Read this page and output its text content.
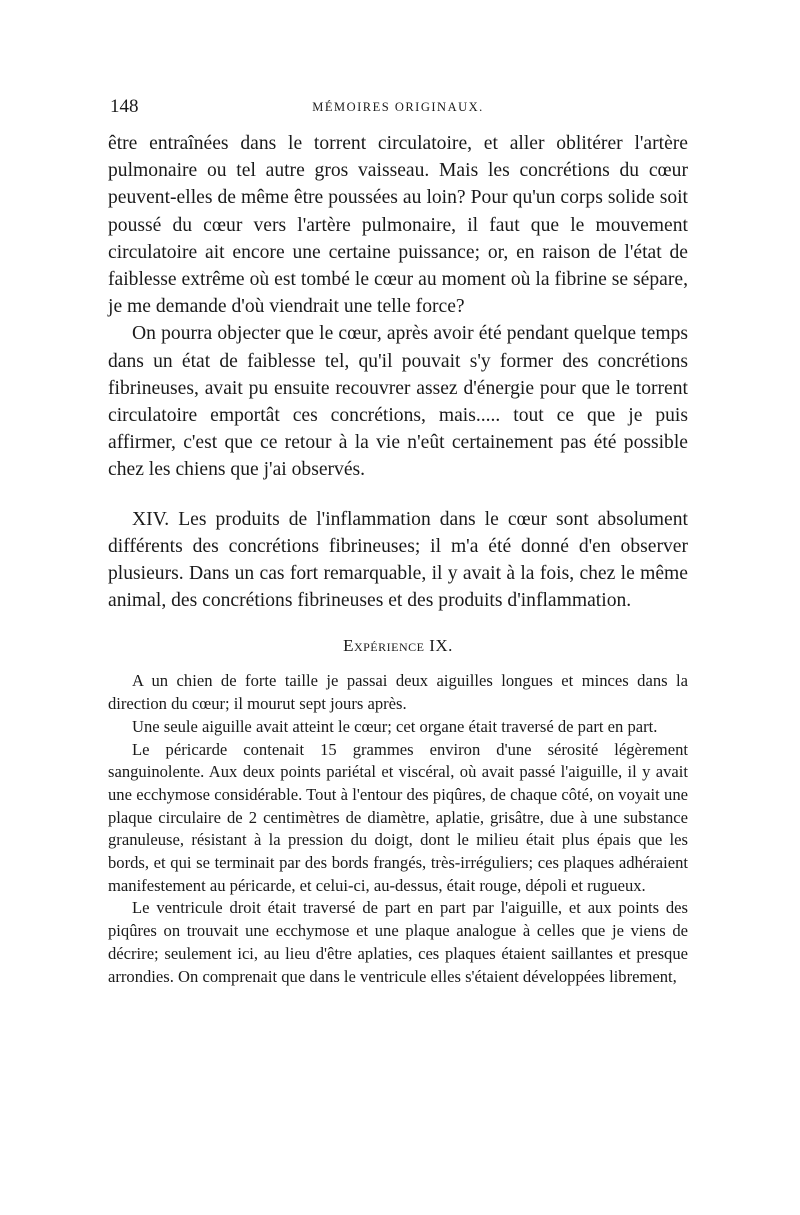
148	MÉMOIRES ORIGINAUX.

être entraînées dans le torrent circulatoire, et aller oblitérer l'artère pulmonaire ou tel autre gros vaisseau. Mais les concrétions du cœur peuvent-elles de même être poussées au loin? Pour qu'un corps solide soit poussé du cœur vers l'artère pulmonaire, il faut que le mouvement circulatoire ait encore une certaine puissance; or, en raison de l'état de faiblesse extrême où est tombé le cœur au moment où la fibrine se sépare, je me demande d'où viendrait une telle force?

On pourra objecter que le cœur, après avoir été pendant quelque temps dans un état de faiblesse tel, qu'il pouvait s'y former des concrétions fibrineuses, avait pu ensuite recouvrer assez d'énergie pour que le torrent circulatoire emportât ces concrétions, mais..... tout ce que je puis affirmer, c'est que ce retour à la vie n'eût certainement pas été possible chez les chiens que j'ai observés.

XIV. Les produits de l'inflammation dans le cœur sont absolument différents des concrétions fibrineuses; il m'a été donné d'en observer plusieurs. Dans un cas fort remarquable, il y avait à la fois, chez le même animal, des concrétions fibrineuses et des produits d'inflammation.

Expérience IX.

A un chien de forte taille je passai deux aiguilles longues et minces dans la direction du cœur; il mourut sept jours après.

Une seule aiguille avait atteint le cœur; cet organe était traversé de part en part.

Le péricarde contenait 15 grammes environ d'une sérosité légèrement sanguinolente. Aux deux points pariétal et viscéral, où avait passé l'aiguille, il y avait une ecchymose considérable. Tout à l'entour des piqûres, de chaque côté, on voyait une plaque circulaire de 2 centimètres de diamètre, aplatie, grisâtre, due à une substance granuleuse, résistant à la pression du doigt, dont le milieu était plus épais que les bords, et qui se terminait par des bords frangés, très-irréguliers; ces plaques adhéraient manifestement au péricarde, et celui-ci, au-dessus, était rouge, dépoli et rugueux.

Le ventricule droit était traversé de part en part par l'aiguille, et aux points des piqûres on trouvait une ecchymose et une plaque analogue à celles que je viens de décrire; seulement ici, au lieu d'être aplaties, ces plaques étaient saillantes et presque arrondies. On comprenait que dans le ventricule elles s'étaient développées librement,
